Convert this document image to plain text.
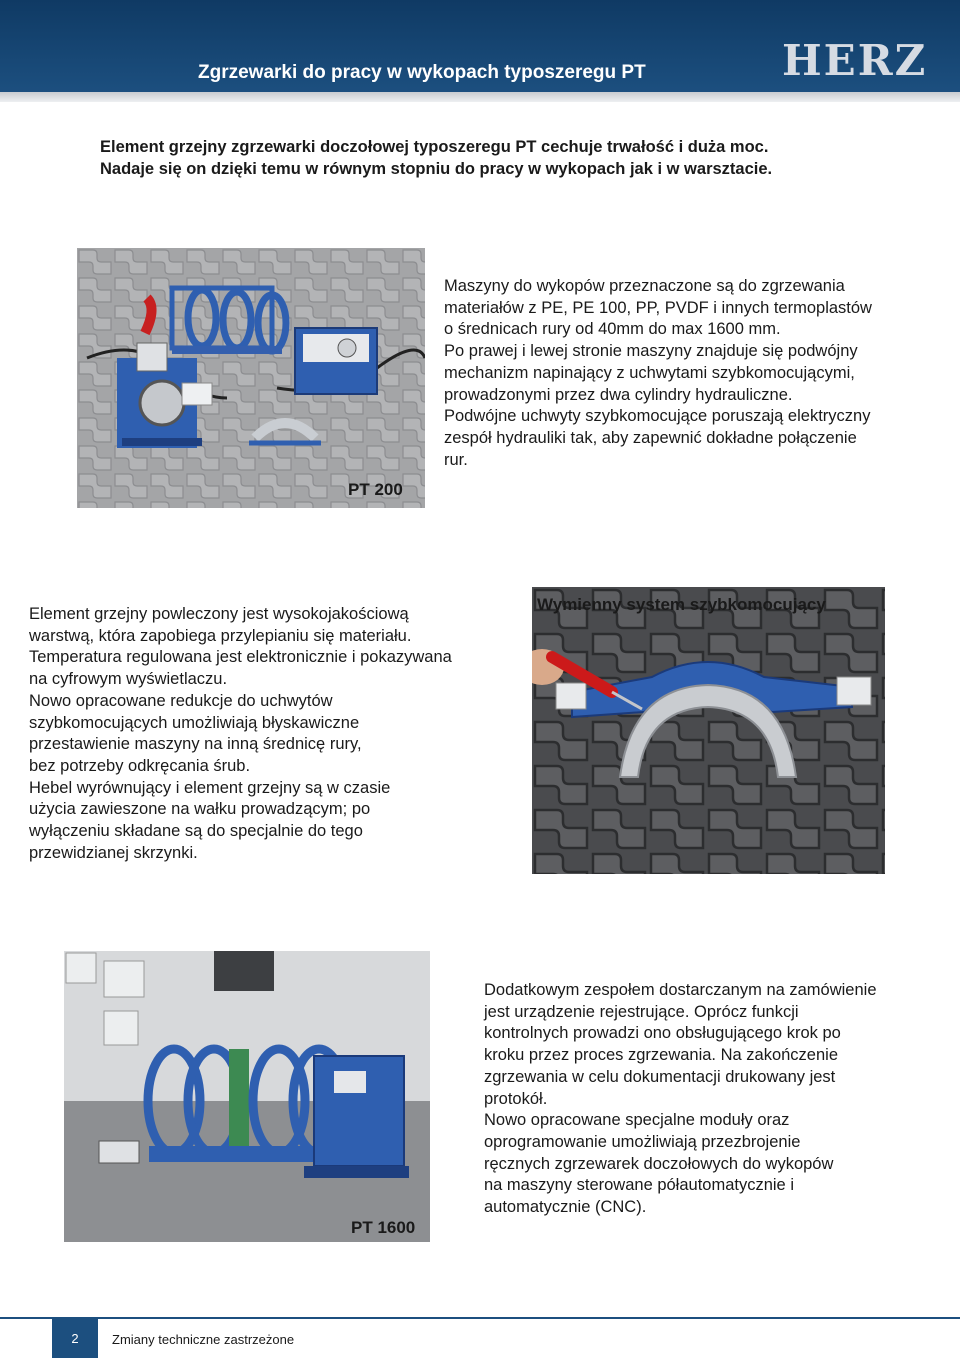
Zgrzewarki do pracy w wykopach typoszeregu PT	HERZ

Element grzejny zgrzewarki doczołowej typoszeregu PT cechuje trwałość i duża moc.

Nadaje się on dzięki temu w równym stopniu do pracy w wykopach jak i w warsztacie.

PT 200

Maszyny do wykopów przeznaczone są do zgrzewania

materiałów z PE, PE 100, PP, PVDF i innych termoplastów

o średnicach rury od 40mm do max 1600 mm.

Po prawej i lewej stronie maszyny znajduje się podwójny

mechanizm napinający z uchwytami szybkomocującymi,

prowadzonymi przez dwa cylindry hydrauliczne.

Podwójne uchwyty szybkomocujące poruszają elektryczny

zespół hydrauliki tak, aby zapewnić dokładne połączenie

rur.

Element grzejny powleczony jest wysokojakościową

warstwą, która zapobiega przylepianiu się materiału.

Temperatura regulowana jest elektronicznie i pokazywana

na cyfrowym wyświetlaczu.

Nowo opracowane redukcje do uchwytów

szybkomocujących umożliwiają błyskawiczne

przestawienie maszyny na inną średnicę rury,

bez potrzeby odkręcania śrub.

Hebel wyrównujący i element grzejny są w czasie

użycia zawieszone na wałku prowadzącym; po

wyłączeniu składane są do specjalnie do tego

przewidzianej skrzynki.

Wymienny system szybkomocujący
PT 1600

Dodatkowym zespołem dostarczanym na zamówienie

jest urządzenie rejestrujące. Oprócz funkcji

kontrolnych prowadzi ono obsługującego krok po

kroku przez proces zgrzewania. Na zakończenie

zgrzewania w celu dokumentacji drukowany jest

protokół.

Nowo opracowane specjalne moduły oraz

oprogramowanie umożliwiają przezbrojenie

ręcznych zgrzewarek doczołowych do wykopów

na maszyny sterowane półautomatycznie i

automatycznie (CNC).

2	Zmiany techniczne zastrzeżone
